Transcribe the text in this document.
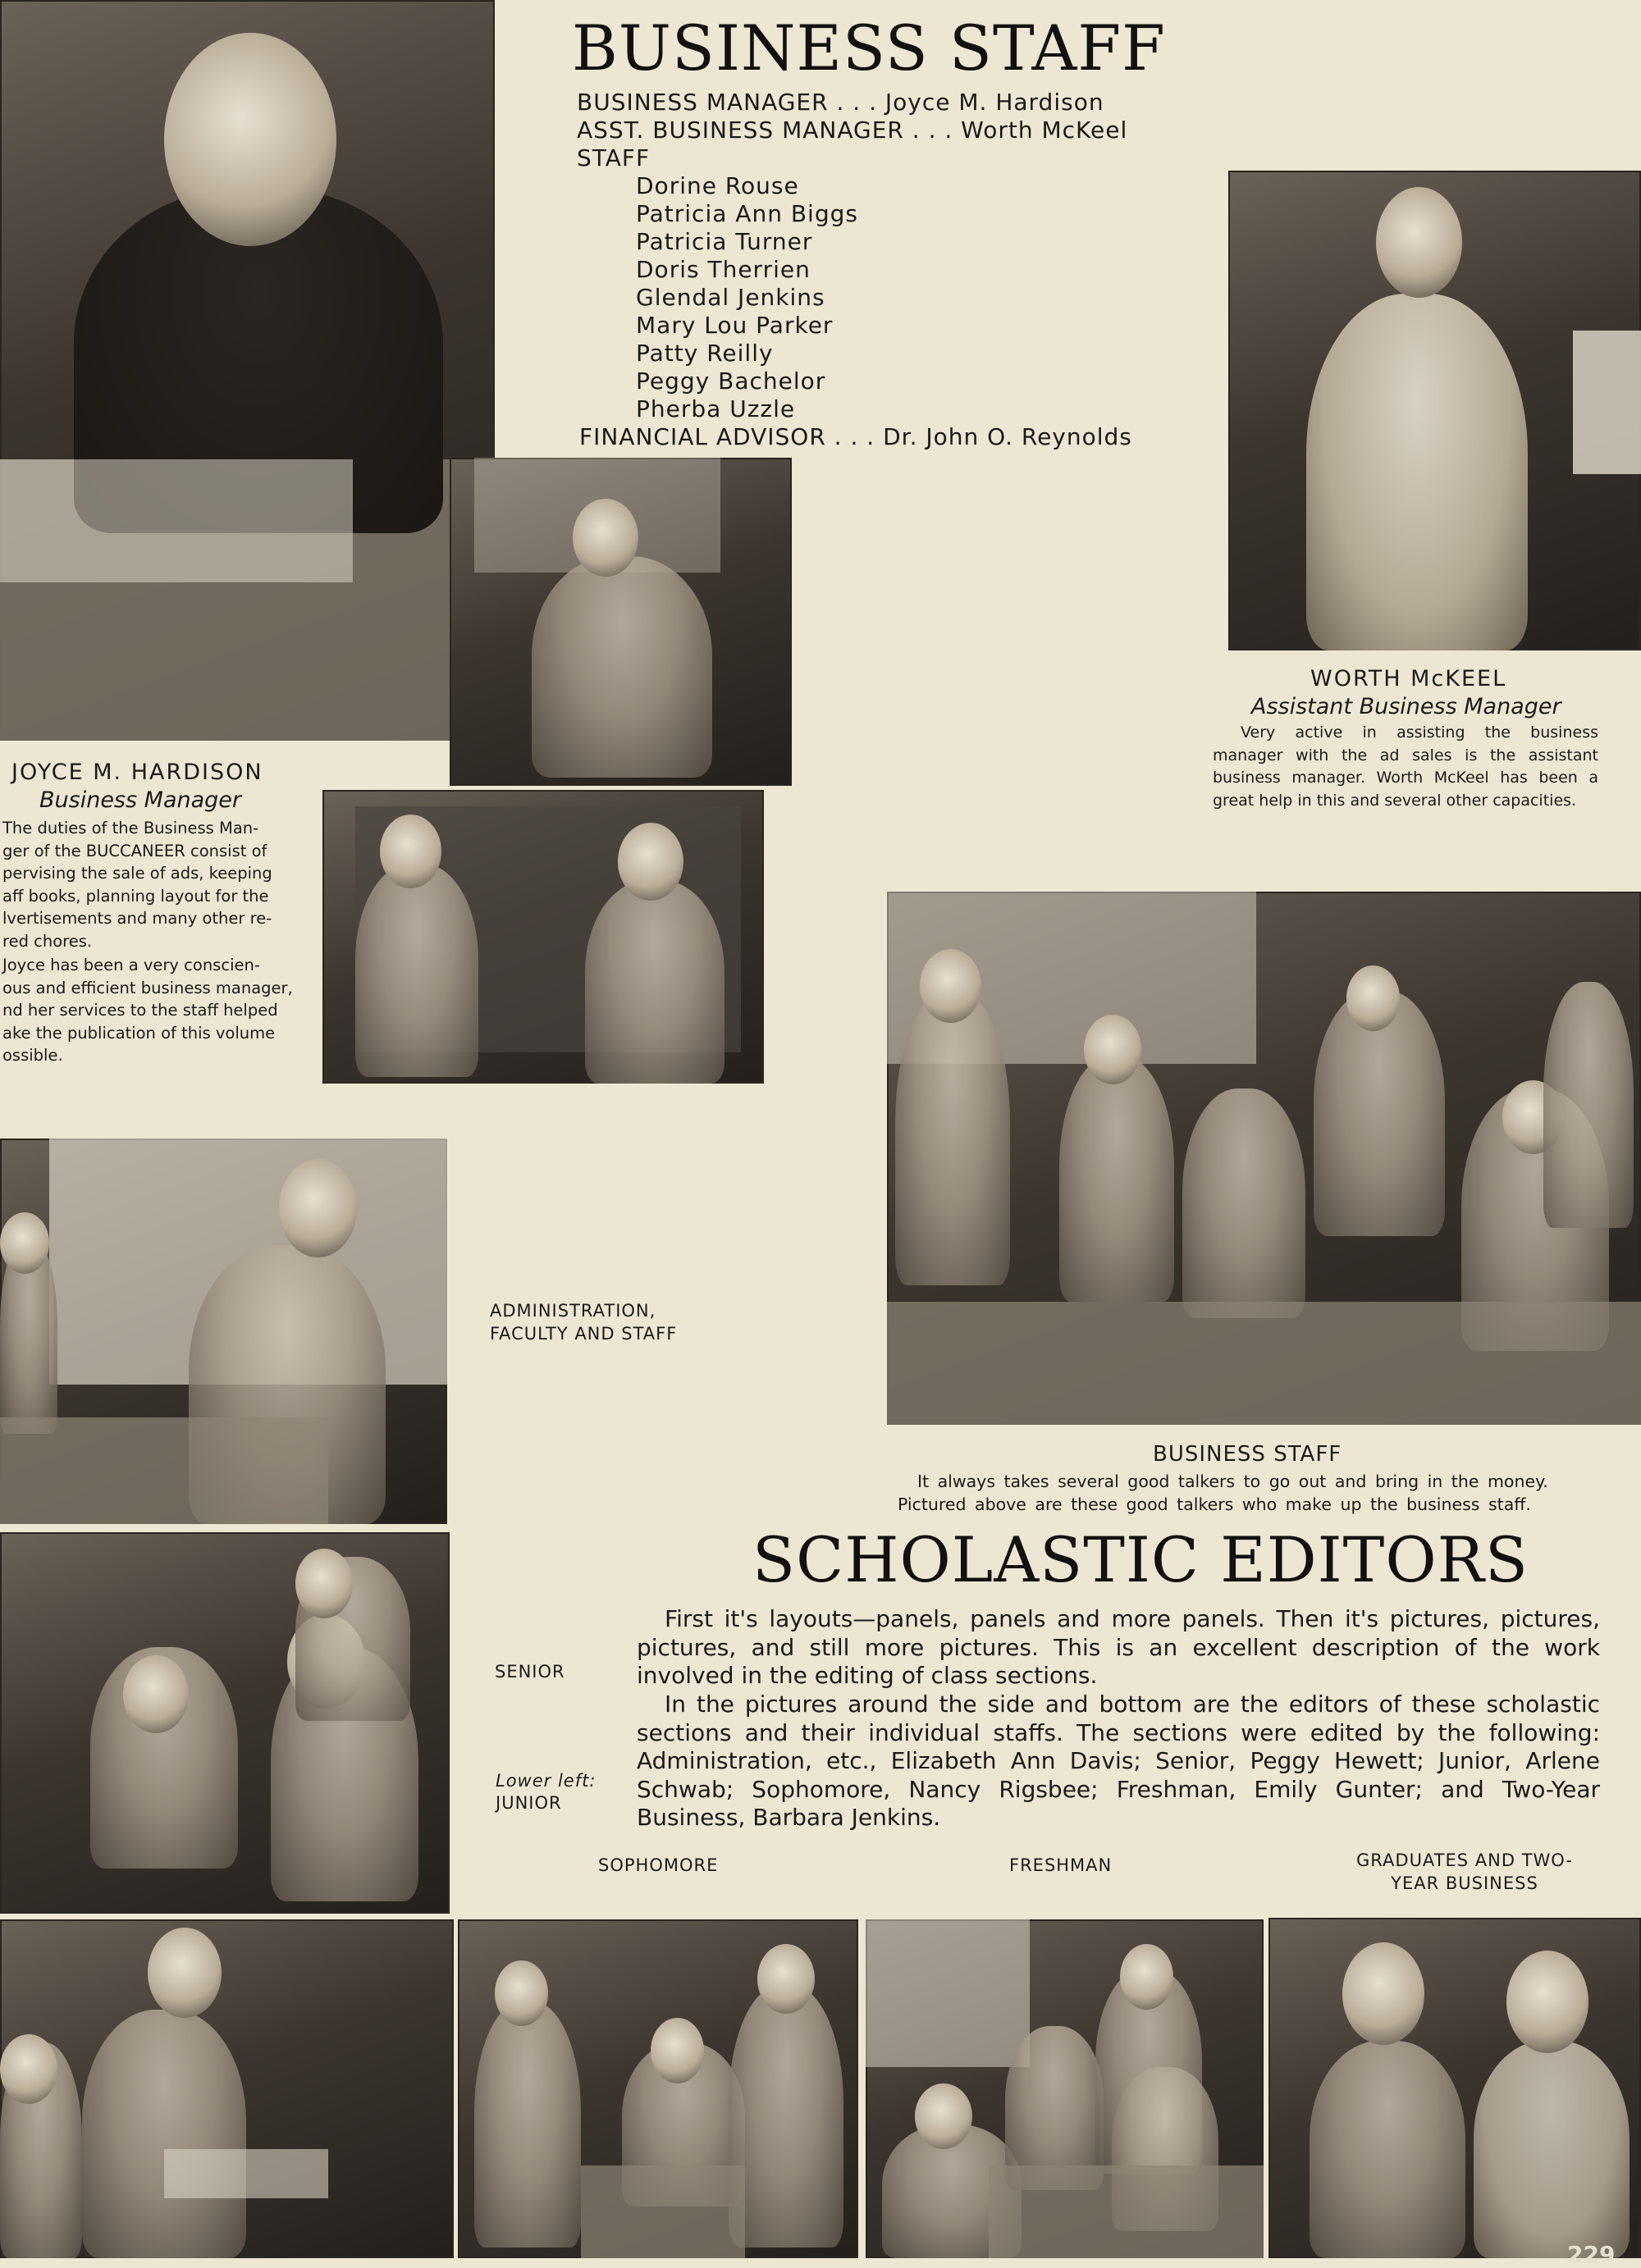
229
BUSINESS STAFF
BUSINESS MANAGER . . . Joyce M. Hardison
ASST. BUSINESS MANAGER . . . Worth McKeel
STAFF
Dorine Rouse
Patricia Ann Biggs
Patricia Turner
Doris Therrien
Glendal Jenkins
Mary Lou Parker
Patty Reilly
Peggy Bachelor
Pherba Uzzle
FINANCIAL ADVISOR . . . Dr. John O. Reynolds
JOYCE M. HARDISON
Business Manager
The duties of the Business Man-
ger of the BUCCANEER consist of
pervising the sale of ads, keeping
aff books, planning layout for the
lvertisements and many other re-
red chores.
Joyce has been a very conscien-
ous and efficient business manager,
nd her services to the staff helped
ake the publication of this volume
ossible.
WORTH McKEEL
Assistant Business Manager
Very active in assisting the business manager with the ad sales is the assistant business manager. Worth McKeel has been a great help in this and several other capacities.
BUSINESS STAFF
It always takes several good talkers to go out and bring in the money.
Pictured above are these good talkers who make up the business staff.
SCHOLASTIC EDITORS
ADMINISTRATION, FACULTY AND STAFF
SENIOR
Lower left:
JUNIOR
SOPHOMORE	FRESHMAN	GRADUATES AND TWO-YEAR BUSINESS
First it's layouts—panels, panels and more panels. Then it's pictures, pictures, pictures, and still more pictures. This is an excellent description of the work involved in the editing of class sections.
In the pictures around the side and bottom are the editors of these scholastic sections and their individual staffs. The sections were edited by the following: Administration, etc., Elizabeth Ann Davis; Senior, Peggy Hewett; Junior, Arlene Schwab; Sophomore, Nancy Rigsbee; Freshman, Emily Gunter; and Two-Year Business, Barbara Jenkins.
